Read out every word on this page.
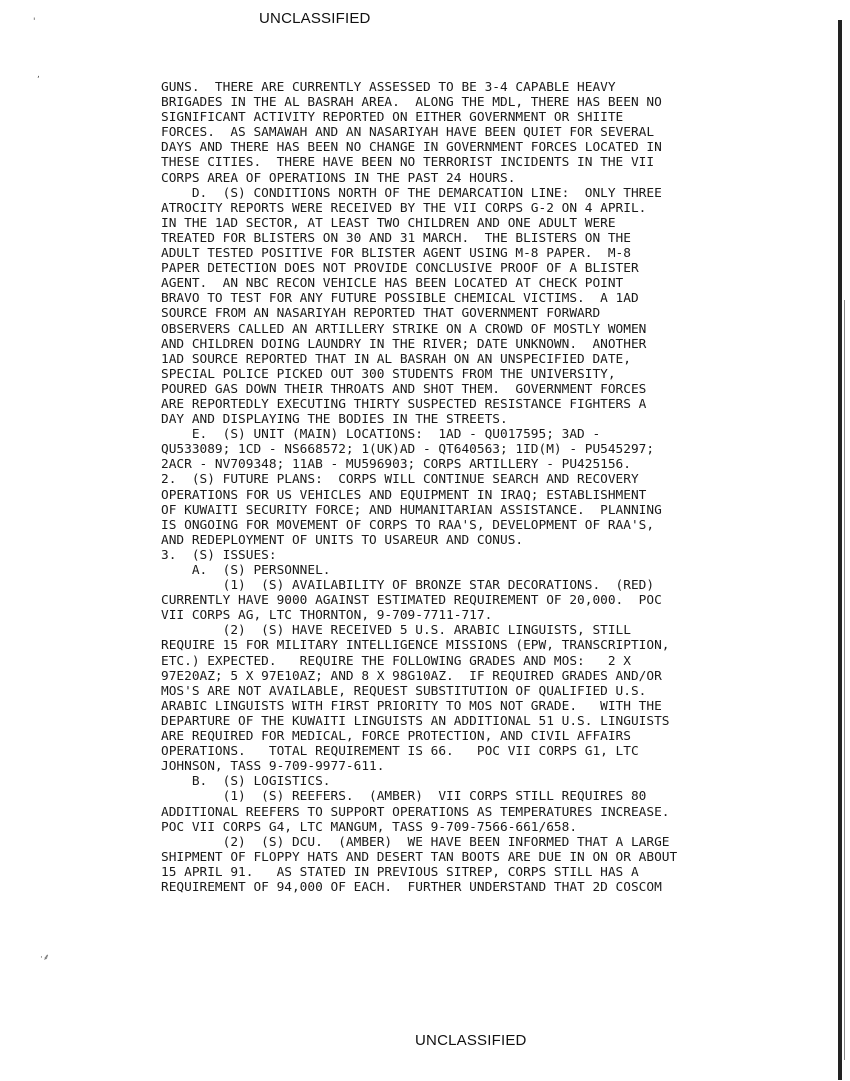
UNCLASSIFIED
'
,
·⸙
GUNS.  THERE ARE CURRENTLY ASSESSED TO BE 3-4 CAPABLE HEAVY
BRIGADES IN THE AL BASRAH AREA.  ALONG THE MDL, THERE HAS BEEN NO
SIGNIFICANT ACTIVITY REPORTED ON EITHER GOVERNMENT OR SHIITE
FORCES.  AS SAMAWAH AND AN NASARIYAH HAVE BEEN QUIET FOR SEVERAL
DAYS AND THERE HAS BEEN NO CHANGE IN GOVERNMENT FORCES LOCATED IN
THESE CITIES.  THERE HAVE BEEN NO TERRORIST INCIDENTS IN THE VII
CORPS AREA OF OPERATIONS IN THE PAST 24 HOURS.
D.  (S) CONDITIONS NORTH OF THE DEMARCATION LINE:  ONLY THREE
ATROCITY REPORTS WERE RECEIVED BY THE VII CORPS G-2 ON 4 APRIL.
IN THE 1AD SECTOR, AT LEAST TWO CHILDREN AND ONE ADULT WERE
TREATED FOR BLISTERS ON 30 AND 31 MARCH.  THE BLISTERS ON THE
ADULT TESTED POSITIVE FOR BLISTER AGENT USING M-8 PAPER.  M-8
PAPER DETECTION DOES NOT PROVIDE CONCLUSIVE PROOF OF A BLISTER
AGENT.  AN NBC RECON VEHICLE HAS BEEN LOCATED AT CHECK POINT
BRAVO TO TEST FOR ANY FUTURE POSSIBLE CHEMICAL VICTIMS.  A 1AD
SOURCE FROM AN NASARIYAH REPORTED THAT GOVERNMENT FORWARD
OBSERVERS CALLED AN ARTILLERY STRIKE ON A CROWD OF MOSTLY WOMEN
AND CHILDREN DOING LAUNDRY IN THE RIVER; DATE UNKNOWN.  ANOTHER
1AD SOURCE REPORTED THAT IN AL BASRAH ON AN UNSPECIFIED DATE,
SPECIAL POLICE PICKED OUT 300 STUDENTS FROM THE UNIVERSITY,
POURED GAS DOWN THEIR THROATS AND SHOT THEM.  GOVERNMENT FORCES
ARE REPORTEDLY EXECUTING THIRTY SUSPECTED RESISTANCE FIGHTERS A
DAY AND DISPLAYING THE BODIES IN THE STREETS.
E.  (S) UNIT (MAIN) LOCATIONS:  1AD - QU017595; 3AD -
QU533089; 1CD - NS668572; 1(UK)AD - QT640563; 1ID(M) - PU545297;
2ACR - NV709348; 11AB - MU596903; CORPS ARTILLERY - PU425156.
2.  (S) FUTURE PLANS:  CORPS WILL CONTINUE SEARCH AND RECOVERY
OPERATIONS FOR US VEHICLES AND EQUIPMENT IN IRAQ; ESTABLISHMENT
OF KUWAITI SECURITY FORCE; AND HUMANITARIAN ASSISTANCE.  PLANNING
IS ONGOING FOR MOVEMENT OF CORPS TO RAA'S, DEVELOPMENT OF RAA'S,
AND REDEPLOYMENT OF UNITS TO USAREUR AND CONUS.
3.  (S) ISSUES:
A.  (S) PERSONNEL.
(1)  (S) AVAILABILITY OF BRONZE STAR DECORATIONS.  (RED)
CURRENTLY HAVE 9000 AGAINST ESTIMATED REQUIREMENT OF 20,000.  POC
VII CORPS AG, LTC THORNTON, 9-709-7711-717.
(2)  (S) HAVE RECEIVED 5 U.S. ARABIC LINGUISTS, STILL
REQUIRE 15 FOR MILITARY INTELLIGENCE MISSIONS (EPW, TRANSCRIPTION,
ETC.) EXPECTED.   REQUIRE THE FOLLOWING GRADES AND MOS:   2 X
97E20AZ; 5 X 97E10AZ; AND 8 X 98G10AZ.  IF REQUIRED GRADES AND/OR
MOS'S ARE NOT AVAILABLE, REQUEST SUBSTITUTION OF QUALIFIED U.S.
ARABIC LINGUISTS WITH FIRST PRIORITY TO MOS NOT GRADE.   WITH THE
DEPARTURE OF THE KUWAITI LINGUISTS AN ADDITIONAL 51 U.S. LINGUISTS
ARE REQUIRED FOR MEDICAL, FORCE PROTECTION, AND CIVIL AFFAIRS
OPERATIONS.   TOTAL REQUIREMENT IS 66.   POC VII CORPS G1, LTC
JOHNSON, TASS 9-709-9977-611.
B.  (S) LOGISTICS.
(1)  (S) REEFERS.  (AMBER)  VII CORPS STILL REQUIRES 80
ADDITIONAL REEFERS TO SUPPORT OPERATIONS AS TEMPERATURES INCREASE.
POC VII CORPS G4, LTC MANGUM, TASS 9-709-7566-661/658.
(2)  (S) DCU.  (AMBER)  WE HAVE BEEN INFORMED THAT A LARGE
SHIPMENT OF FLOPPY HATS AND DESERT TAN BOOTS ARE DUE IN ON OR ABOUT
15 APRIL 91.   AS STATED IN PREVIOUS SITREP, CORPS STILL HAS A
REQUIREMENT OF 94,000 OF EACH.  FURTHER UNDERSTAND THAT 2D COSCOM
UNCLASSIFIED
